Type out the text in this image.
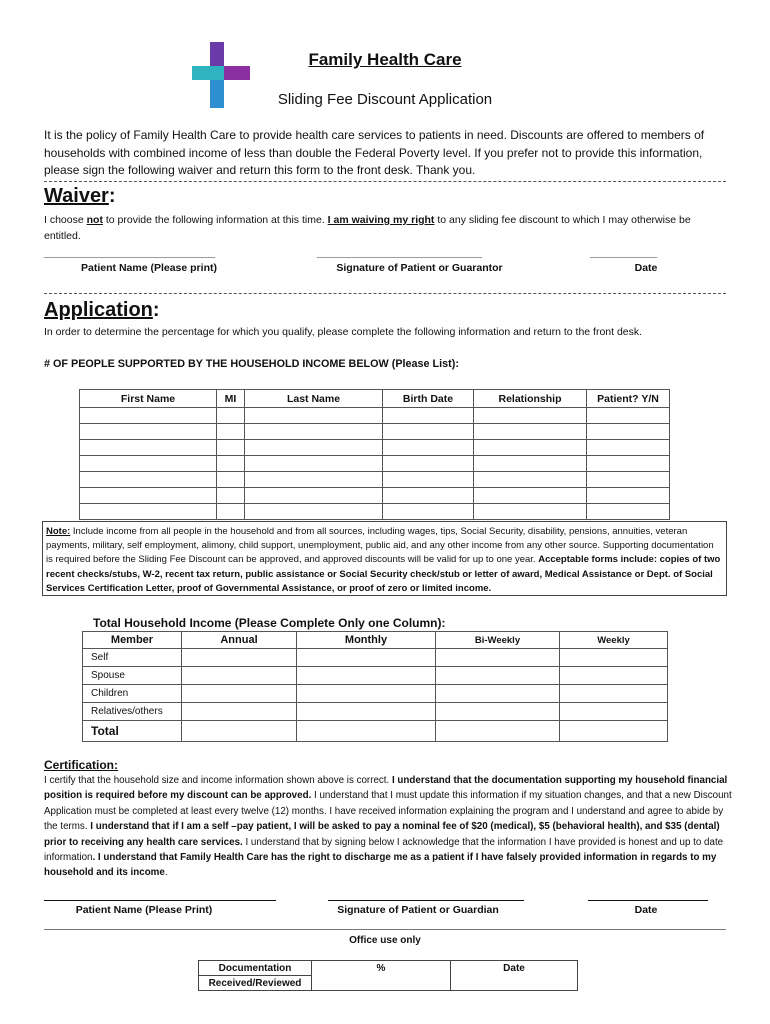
Family Health Care
Sliding Fee Discount Application
It is the policy of Family Health Care to provide health care services to patients in need. Discounts are offered to members of households with combined income of less than double the Federal Poverty level. If you prefer not to provide this information, please sign the following waiver and return this form to the front desk. Thank you.
Waiver:
I choose not to provide the following information at this time. I am waiving my right to any sliding fee discount to which I may otherwise be entitled.
____________________________	___________________________	___________
Patient Name (Please print)	Signature of Patient or Guarantor	Date
Application:
In order to determine the percentage for which you qualify, please complete the following information and return to the front desk.
# OF PEOPLE SUPPORTED BY THE HOUSEHOLD INCOME BELOW (Please List):
First Name	MI	Last Name	Birth Date	Relationship	Patient? Y/N

Note: Include income from all people in the household and from all sources, including wages, tips, Social Security, disability, pensions, annuities, veteran payments, military, self employment, alimony, child support, unemployment, public aid, and any other income from any other source. Supporting documentation is required before the Sliding Fee Discount can be approved, and approved discounts will be valid for up to one year. Acceptable forms include: copies of two recent checks/stubs, W-2, recent tax return, public assistance or Social Security check/stub or letter of award, Medical Assistance or Dept. of Social Services Certification Letter, proof of Governmental Assistance, or proof of zero or limited income.
Total Household Income (Please Complete Only one Column):
Member	Annual	Monthly	Bi-Weekly	Weekly
Self				
Spouse				
Children				
Relatives/others				
Total				
Certification:
I certify that the household size and income information shown above is correct. I understand that the documentation supporting my household financial position is required before my discount can be approved. I understand that I must update this information if my situation changes, and that a new Discount Application must be completed at least every twelve (12) months. I have received information explaining the program and I understand and agree to abide by the terms. I understand that if I am a self –pay patient, I will be asked to pay a nominal fee of $20 (medical), $5 (behavioral health), and $35 (dental) prior to receiving any health care services. I understand that by signing below I acknowledge that the information I have provided is honest and up to date information. I understand that Family Health Care has the right to discharge me as a patient if I have falsely provided information in regards to my household and its income.
Patient Name (Please Print)	Signature of Patient or Guardian	Date
Office use only
Documentation	%	Date
Received/Reviewed
